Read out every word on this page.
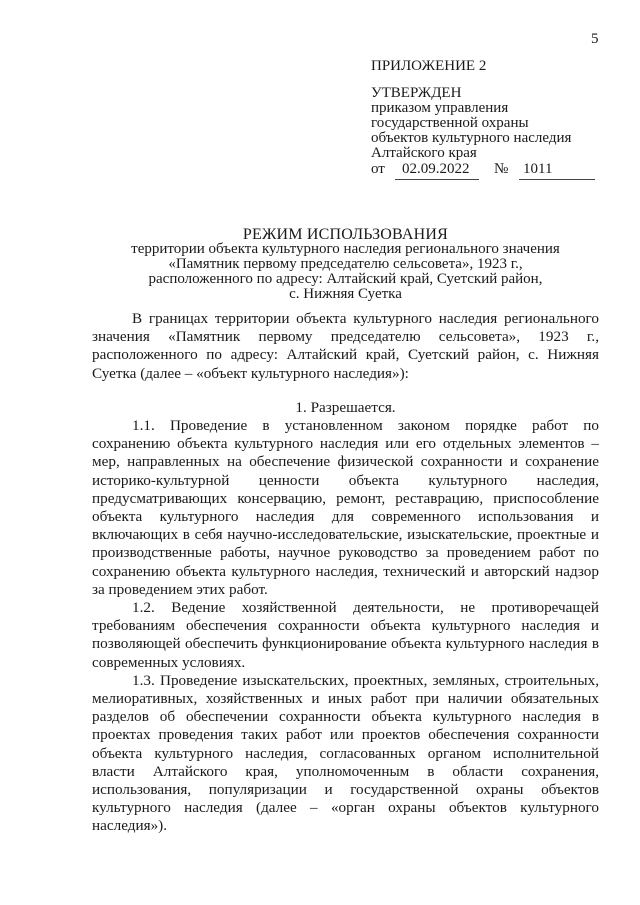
5
ПРИЛОЖЕНИЕ 2
УТВЕРЖДЕН
приказом управления
государственной охраны
объектов культурного наследия
Алтайского края
от 02.09.2022 № 1011
РЕЖИМ ИСПОЛЬЗОВАНИЯ
территории объекта культурного наследия регионального значения
«Памятник первому председателю сельсовета», 1923 г.,
расположенного по адресу: Алтайский край, Суетский район,
с. Нижняя Суетка

В границах территории объекта культурного наследия регионального значения «Памятник первому председателю сельсовета», 1923 г., расположенного по адресу: Алтайский край, Суетский район, с. Нижняя Суетка (далее – «объект культурного наследия»):

1. Разрешается.

1.1. Проведение в установленном законом порядке работ по сохранению объекта культурного наследия или его отдельных элементов – мер, направленных на обеспечение физической сохранности и сохранение историко-культурной ценности объекта культурного наследия, предусматривающих консервацию, ремонт, реставрацию, приспособление объекта культурного наследия для современного использования и включающих в себя научно-исследовательские, изыскательские, проектные и производственные работы, научное руководство за проведением работ по сохранению объекта культурного наследия, технический и авторский надзор за проведением этих работ.

1.2. Ведение хозяйственной деятельности, не противоречащей требованиям обеспечения сохранности объекта культурного наследия и позволяющей обеспечить функционирование объекта культурного наследия в современных условиях.

1.3. Проведение изыскательских, проектных, земляных, строительных, мелиоративных, хозяйственных и иных работ при наличии обязательных разделов об обеспечении сохранности объекта культурного наследия в проектах проведения таких работ или проектов обеспечения сохранности объекта культурного наследия, согласованных органом исполнительной власти Алтайского края, уполномоченным в области сохранения, использования, популяризации и государственной охраны объектов культурного наследия (далее – «орган охраны объектов культурного наследия»).
